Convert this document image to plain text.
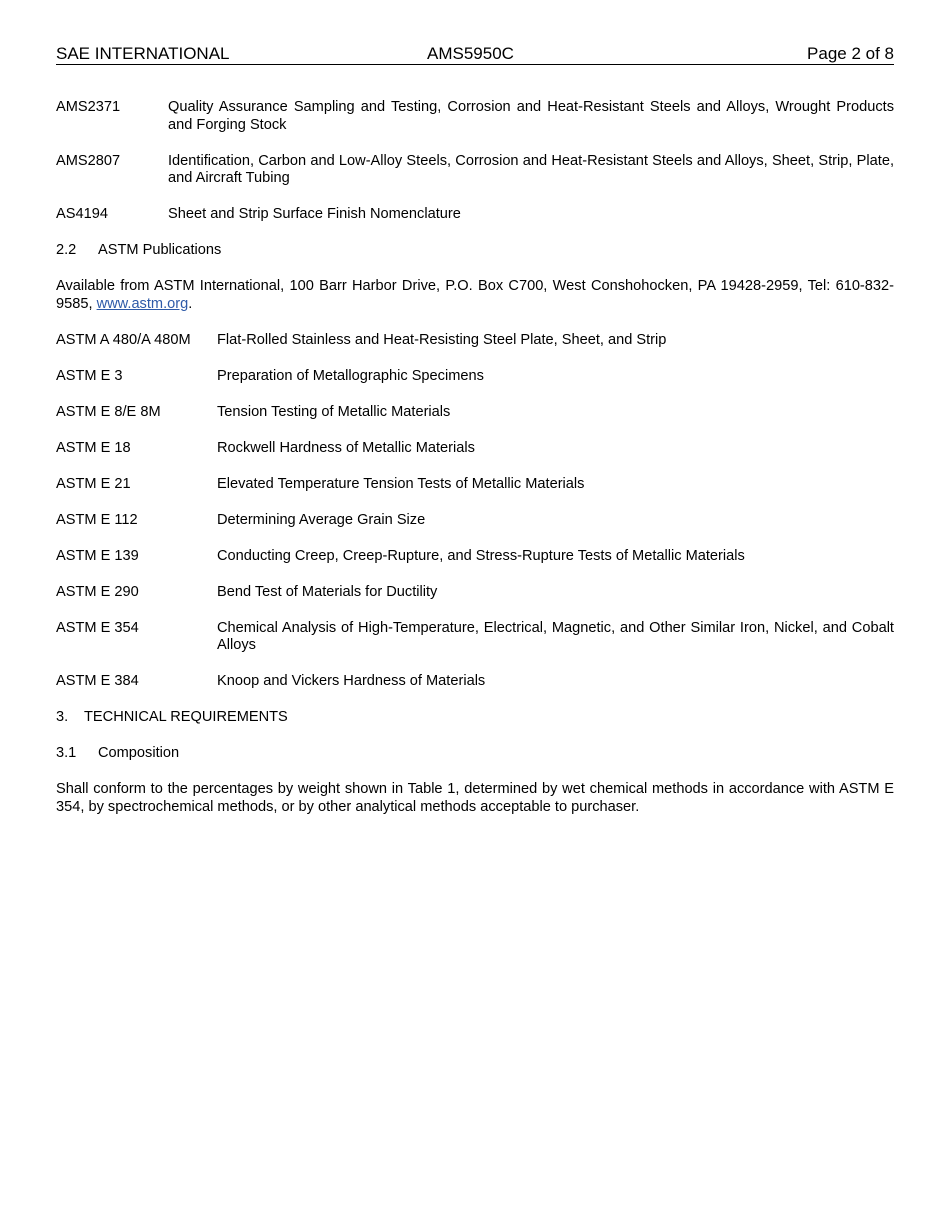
SAE INTERNATIONAL	AMS5950C	Page 2 of 8
AMS2371	Quality Assurance Sampling and Testing, Corrosion and Heat-Resistant Steels and Alloys, Wrought Products and Forging Stock
AMS2807	Identification, Carbon and Low-Alloy Steels, Corrosion and Heat-Resistant Steels and Alloys, Sheet, Strip, Plate, and Aircraft Tubing
AS4194	Sheet and Strip Surface Finish Nomenclature
2.2 ASTM Publications
Available from ASTM International, 100 Barr Harbor Drive, P.O. Box C700, West Conshohocken, PA 19428-2959, Tel: 610-832-9585, www.astm.org.
ASTM A 480/A 480M	Flat-Rolled Stainless and Heat-Resisting Steel Plate, Sheet, and Strip
ASTM E 3	Preparation of Metallographic Specimens
ASTM E 8/E 8M	Tension Testing of Metallic Materials
ASTM E 18	Rockwell Hardness of Metallic Materials
ASTM E 21	Elevated Temperature Tension Tests of Metallic Materials
ASTM E 112	Determining Average Grain Size
ASTM E 139	Conducting Creep, Creep-Rupture, and Stress-Rupture Tests of Metallic Materials
ASTM E 290	Bend Test of Materials for Ductility
ASTM E 354	Chemical Analysis of High-Temperature, Electrical, Magnetic, and Other Similar Iron, Nickel, and Cobalt Alloys
ASTM E 384	Knoop and Vickers Hardness of Materials
3. TECHNICAL REQUIREMENTS
3.1 Composition
Shall conform to the percentages by weight shown in Table 1, determined by wet chemical methods in accordance with ASTM E 354, by spectrochemical methods, or by other analytical methods acceptable to purchaser.
